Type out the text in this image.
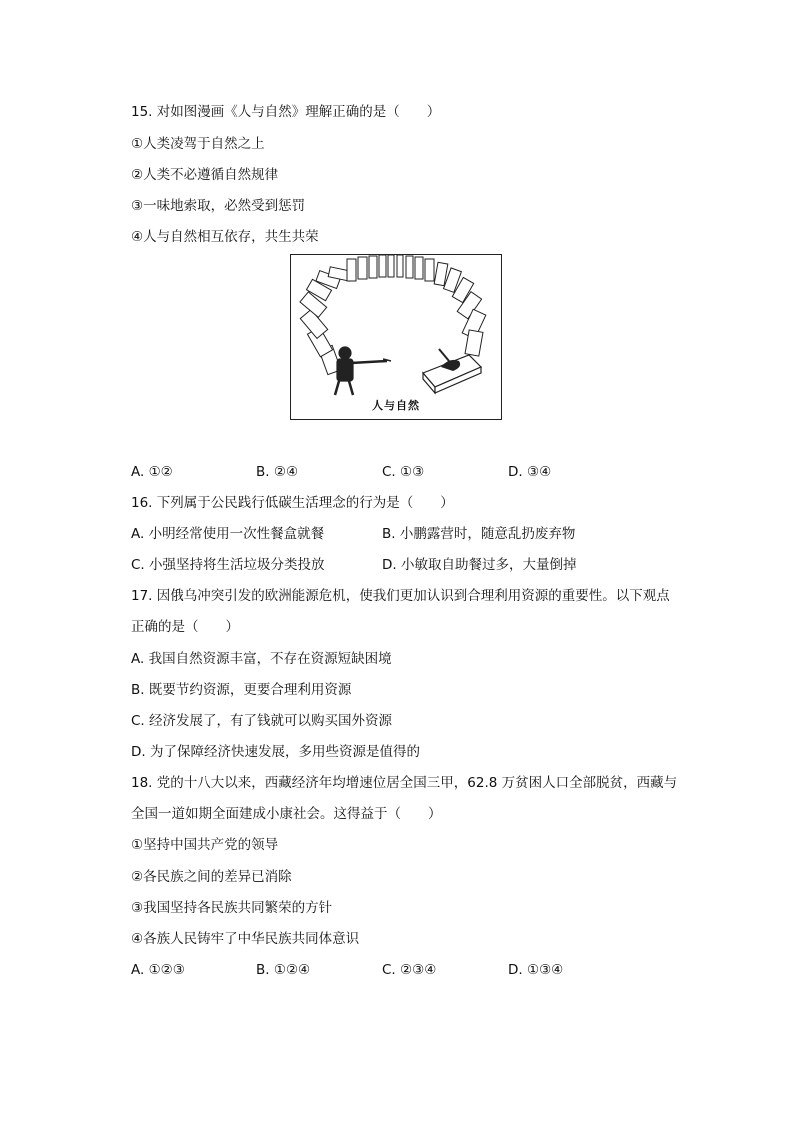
15. 对如图漫画《人与自然》理解正确的是（　　）
①人类凌驾于自然之上
②人类不必遵循自然规律
③一味地索取，必然受到惩罚
④人与自然相互依存，共生共荣
人与自然
A. ①②	B. ②④	C. ①③	D. ③④
16. 下列属于公民践行低碳生活理念的行为是（　　）
A. 小明经常使用一次性餐盒就餐	B. 小鹏露营时，随意乱扔废弃物
C. 小强坚持将生活垃圾分类投放	D. 小敏取自助餐过多，大量倒掉
17. 因俄乌冲突引发的欧洲能源危机，使我们更加认识到合理利用资源的重要性。以下观点
正确的是（　　）
A. 我国自然资源丰富，不存在资源短缺困境
B. 既要节约资源，更要合理利用资源
C. 经济发展了，有了钱就可以购买国外资源
D. 为了保障经济快速发展，多用些资源是值得的
18. 党的十八大以来，西藏经济年均增速位居全国三甲，62.8 万贫困人口全部脱贫，西藏与
全国一道如期全面建成小康社会。这得益于（　　）
①坚持中国共产党的领导
②各民族之间的差异已消除
③我国坚持各民族共同繁荣的方针
④各族人民铸牢了中华民族共同体意识
A. ①②③	B. ①②④	C. ②③④	D. ①③④
